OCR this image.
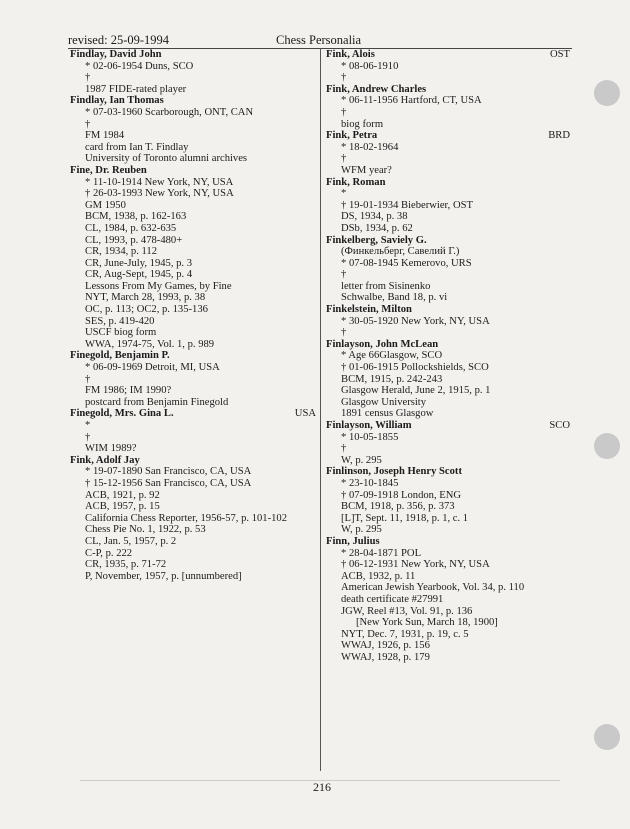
revised: 25-09-1994	Chess Personalia
Findlay, David John
* 02-06-1954 Duns, SCO
†
1987 FIDE-rated player
Findlay, Ian Thomas
* 07-03-1960 Scarborough, ONT, CAN
†
FM 1984
card from Ian T. Findlay
University of Toronto alumni archives
Fine, Dr. Reuben
* 11-10-1914 New York, NY, USA
† 26-03-1993 New York, NY, USA
GM 1950
BCM, 1938, p. 162-163
CL, 1984, p. 632-635
CL, 1993, p. 478-480+
CR, 1934, p. 112
CR, June-July, 1945, p. 3
CR, Aug-Sept, 1945, p. 4
Lessons From My Games, by Fine
NYT, March 28, 1993, p. 38
OC, p. 113; OC2, p. 135-136
SES, p. 419-420
USCF biog form
WWA, 1974-75, Vol. 1, p. 989
Finegold, Benjamin P.
* 06-09-1969 Detroit, MI, USA
†
FM 1986; IM 1990?
postcard from Benjamin Finegold
Finegold, Mrs. Gina L.	USA
*
†
WIM 1989?
Fink, Adolf Jay
* 19-07-1890 San Francisco, CA, USA
† 15-12-1956 San Francisco, CA, USA
ACB, 1921, p. 92
ACB, 1957, p. 15
California Chess Reporter, 1956-57, p. 101-102
Chess Pie No. 1, 1922, p. 53
CL, Jan. 5, 1957, p. 2
C-P, p. 222
CR, 1935, p. 71-72
P, November, 1957, p. [unnumbered]
Fink, Alois	OST
* 08-06-1910
†
Fink, Andrew Charles
* 06-11-1956 Hartford, CT, USA
†
biog form
Fink, Petra	BRD
* 18-02-1964
†
WFM year?
Fink, Roman
*
† 19-01-1934 Bieberwier, OST
DS, 1934, p. 38
DSb, 1934, p. 62
Finkelberg, Saviely G.
(Финкельберг, Савелий Г.)
* 07-08-1945 Kemerovo, URS
†
letter from Sisinenko
Schwalbe, Band 18, p. vi
Finkelstein, Milton
* 30-05-1920 New York, NY, USA
†
Finlayson, John McLean
* Age 66Glasgow, SCO
† 01-06-1915 Pollockshields, SCO
BCM, 1915, p. 242-243
Glasgow Herald, June 2, 1915, p. 1
Glasgow University
1891 census Glasgow
Finlayson, William	SCO
* 10-05-1855
†
W, p. 295
Finlinson, Joseph Henry Scott
* 23-10-1845
† 07-09-1918 London, ENG
BCM, 1918, p. 356, p. 373
[L]T, Sept. 11, 1918, p. 1, c. 1
W, p. 295
Finn, Julius
* 28-04-1871 POL
† 06-12-1931 New York, NY, USA
ACB, 1932, p. 11
American Jewish Yearbook, Vol. 34, p. 110
death certificate #27991
JGW, Reel #13, Vol. 91, p. 136
[New York Sun, March 18, 1900]
NYT, Dec. 7, 1931, p. 19, c. 5
WWAJ, 1926, p. 156
WWAJ, 1928, p. 179
216
